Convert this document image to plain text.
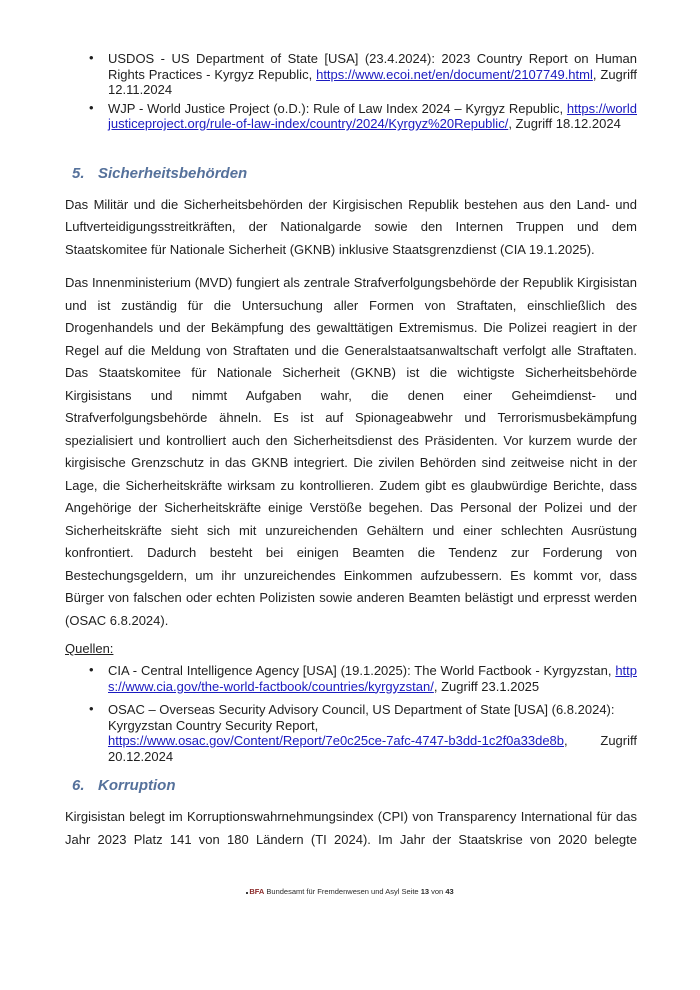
• USDOS - US Department of State [USA] (23.4.2024): 2023 Country Report on Human Rights Practices - Kyrgyz Republic, https://www.ecoi.net/en/document/2107749.html, Zugriff 12.11.2024
• WJP - World Justice Project (o.D.): Rule of Law Index 2024 – Kyrgyz Republic, https://worldjusticeproject.org/rule-of-law-index/country/2024/Kyrgyz%20Republic/, Zugriff 18.12.2024
5. Sicherheitsbehörden

Das Militär und die Sicherheitsbehörden der Kirgisischen Republik bestehen aus den Land- und Luftverteidigungsstreitkräften, der Nationalgarde sowie den Internen Truppen und dem Staatskomitee für Nationale Sicherheit (GKNB) inklusive Staatsgrenzdienst (CIA 19.1.2025).

Das Innenministerium (MVD) fungiert als zentrale Strafverfolgungsbehörde der Republik Kirgisistan und ist zuständig für die Untersuchung aller Formen von Straftaten, einschließlich des Drogenhandels und der Bekämpfung des gewalttätigen Extremismus. Die Polizei reagiert in der Regel auf die Meldung von Straftaten und die Generalstaatsanwaltschaft verfolgt alle Straftaten. Das Staatskomitee für Nationale Sicherheit (GKNB) ist die wichtigste Sicherheitsbehörde Kirgisistans und nimmt Aufgaben wahr, die denen einer Geheimdienst- und Strafverfolgungsbehörde ähneln. Es ist auf Spionageabwehr und Terrorismusbekämpfung spezialisiert und kontrolliert auch den Sicherheitsdienst des Präsidenten. Vor kurzem wurde der kirgisische Grenzschutz in das GKNB integriert. Die zivilen Behörden sind zeitweise nicht in der Lage, die Sicherheitskräfte wirksam zu kontrollieren. Zudem gibt es glaubwürdige Berichte, dass Angehörige der Sicherheitskräfte einige Verstöße begehen. Das Personal der Polizei und der Sicherheitskräfte sieht sich mit unzureichenden Gehältern und einer schlechten Ausrüstung konfrontiert. Dadurch besteht bei einigen Beamten die Tendenz zur Forderung von Bestechungsgeldern, um ihr unzureichendes Einkommen aufzubessern. Es kommt vor, dass Bürger von falschen oder echten Polizisten sowie anderen Beamten belästigt und erpresst werden (OSAC 6.8.2024).

Quellen:

• CIA - Central Intelligence Agency [USA] (19.1.2025): The World Factbook - Kyrgyzstan, https://www.cia.gov/the-world-factbook/countries/kyrgyzstan/, Zugriff 23.1.2025
• OSAC – Overseas Security Advisory Council, US Department of State [USA] (6.8.2024):
Kyrgyzstan Country Security Report,
https://www.osac.gov/Content/Report/7e0c25ce-7afc-4747-b3dd-1c2f0a33de8b, Zugriff 20.12.2024
6. Korruption

Kirgisistan belegt im Korruptionswahrnehmungsindex (CPI) von Transparency International für das Jahr 2023 Platz 141 von 180 Ländern (TI 2024). Im Jahr der Staatskrise von 2020 belegte

BFA Bundesamt für Fremdenwesen und Asyl Seite 13 von 43
